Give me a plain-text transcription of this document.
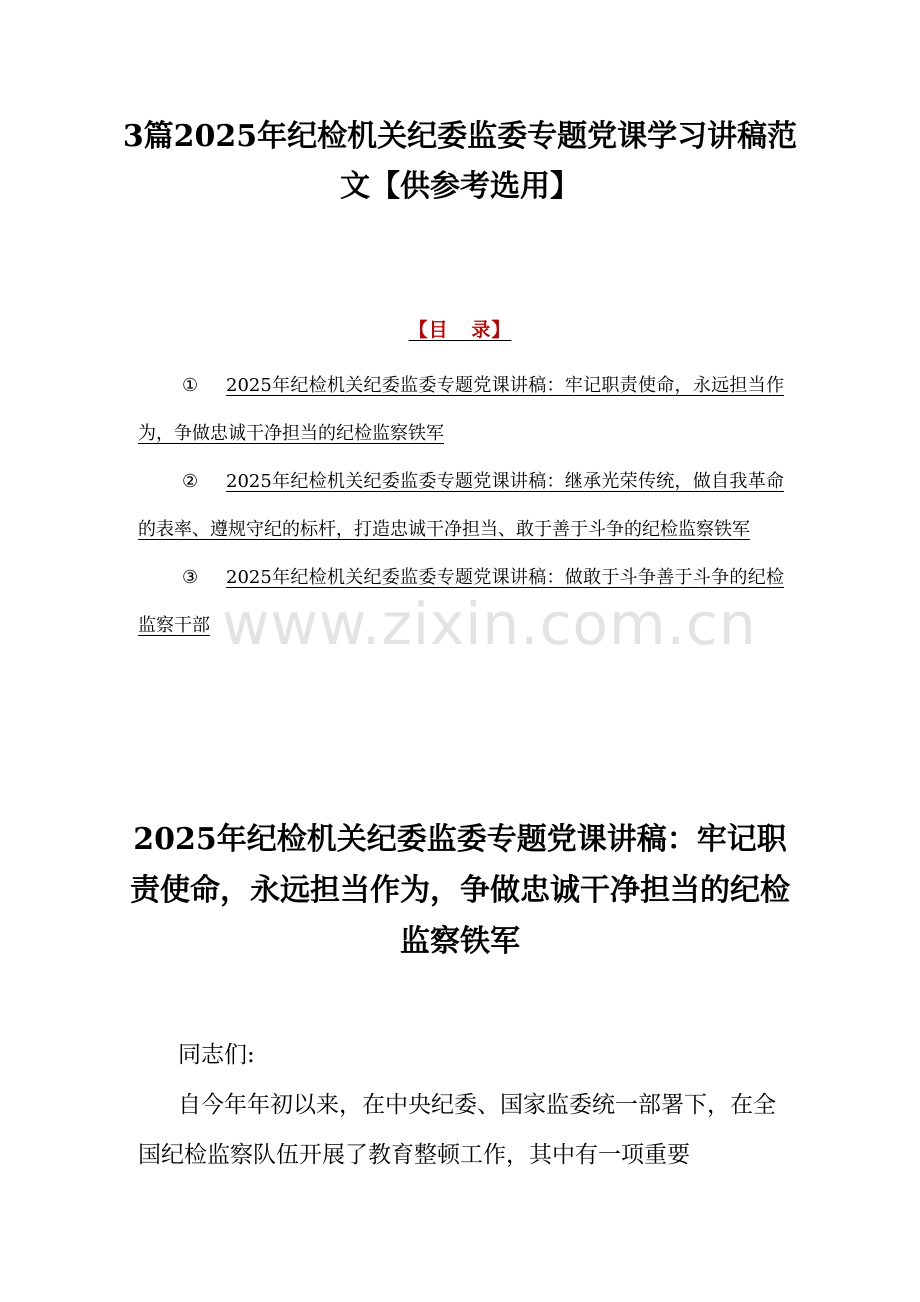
3篇2025年纪检机关纪委监委专题党课学习讲稿范文【供参考选用】
【目   录】

① 2025年纪检机关纪委监委专题党课讲稿：牢记职责使命，永远担当作为，争做忠诚干净担当的纪检监察铁军

② 2025年纪检机关纪委监委专题党课讲稿：继承光荣传统，做自我革命的表率、遵规守纪的标杆，打造忠诚干净担当、敢于善于斗争的纪检监察铁军

③ 2025年纪检机关纪委监委专题党课讲稿：做敢于斗争善于斗争的纪检监察干部 www.zixin.com.cn
2025年纪检机关纪委监委专题党课讲稿：牢记职责使命，永远担当作为，争做忠诚干净担当的纪检监察铁军

同志们:

自今年年初以来，在中央纪委、国家监委统一部署下，在全国纪检监察队伍开展了教育整顿工作，其中有一项重要
